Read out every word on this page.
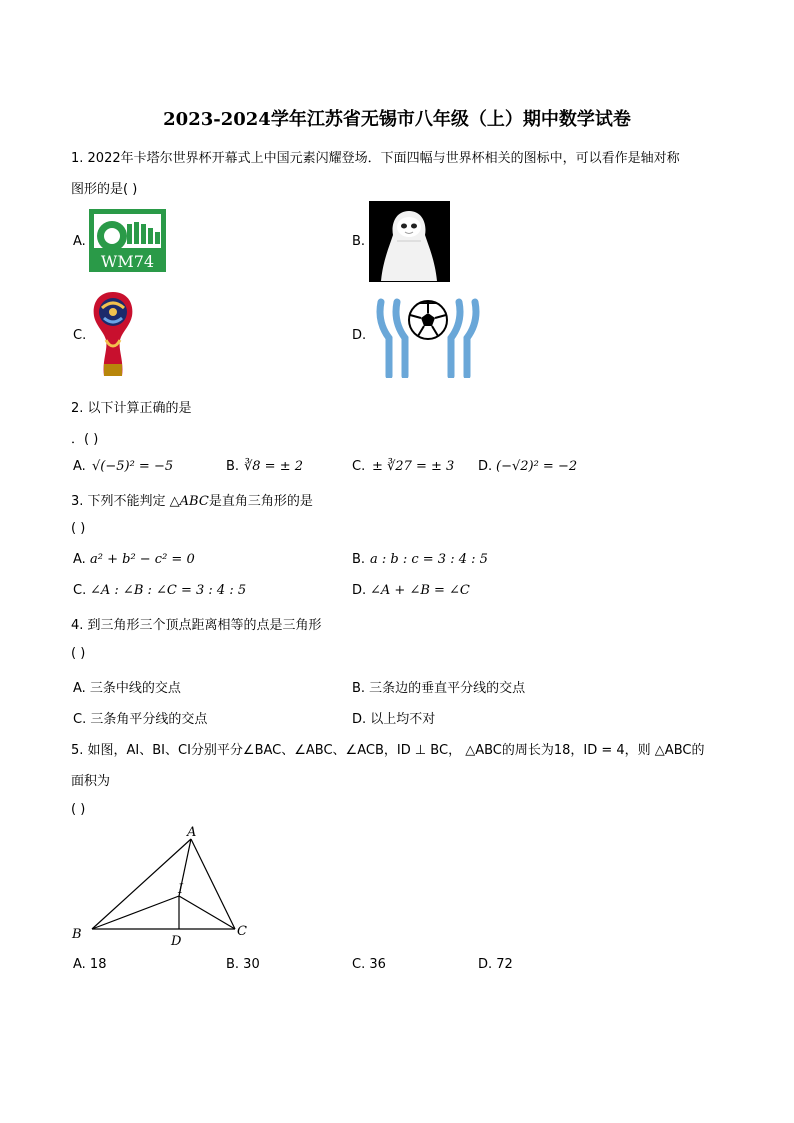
2023-2024学年江苏省无锡市八年级（上）期中数学试卷
1. 2022年卡塔尔世界杯开幕式上中国元素闪耀登场．下面四幅与世界杯相关的图标中，可以看作是轴对称
图形的是( )
A.
WM74
B.
C.	D.
2. 以下计算正确的是
．( )
A. √(−5)² = −5	B. ∛8 = ± 2	C. ± ∛27 = ± 3 D. (−√2)² = −2
3. 下列不能判定 △ABC是直角三角形的是
( )
A. a² + b² − c² = 0	B. a : b : c = 3 : 4 : 5
C. ∠A : ∠B : ∠C = 3 : 4 : 5	D. ∠A + ∠B = ∠C
4. 到三角形三个顶点距离相等的点是三角形
( )
A. 三条中线的交点	B. 三条边的垂直平分线的交点
C. 三条角平分线的交点	D. 以上均不对
5. 如图，AI、BI、CI分别平分∠BAC、∠ABC、∠ACB，ID ⊥ BC， △ABC的周长为18，ID = 4，则 △ABC的
面积为
( )
A
B	C
D
I
A. 18	B. 30	C. 36	D. 72
